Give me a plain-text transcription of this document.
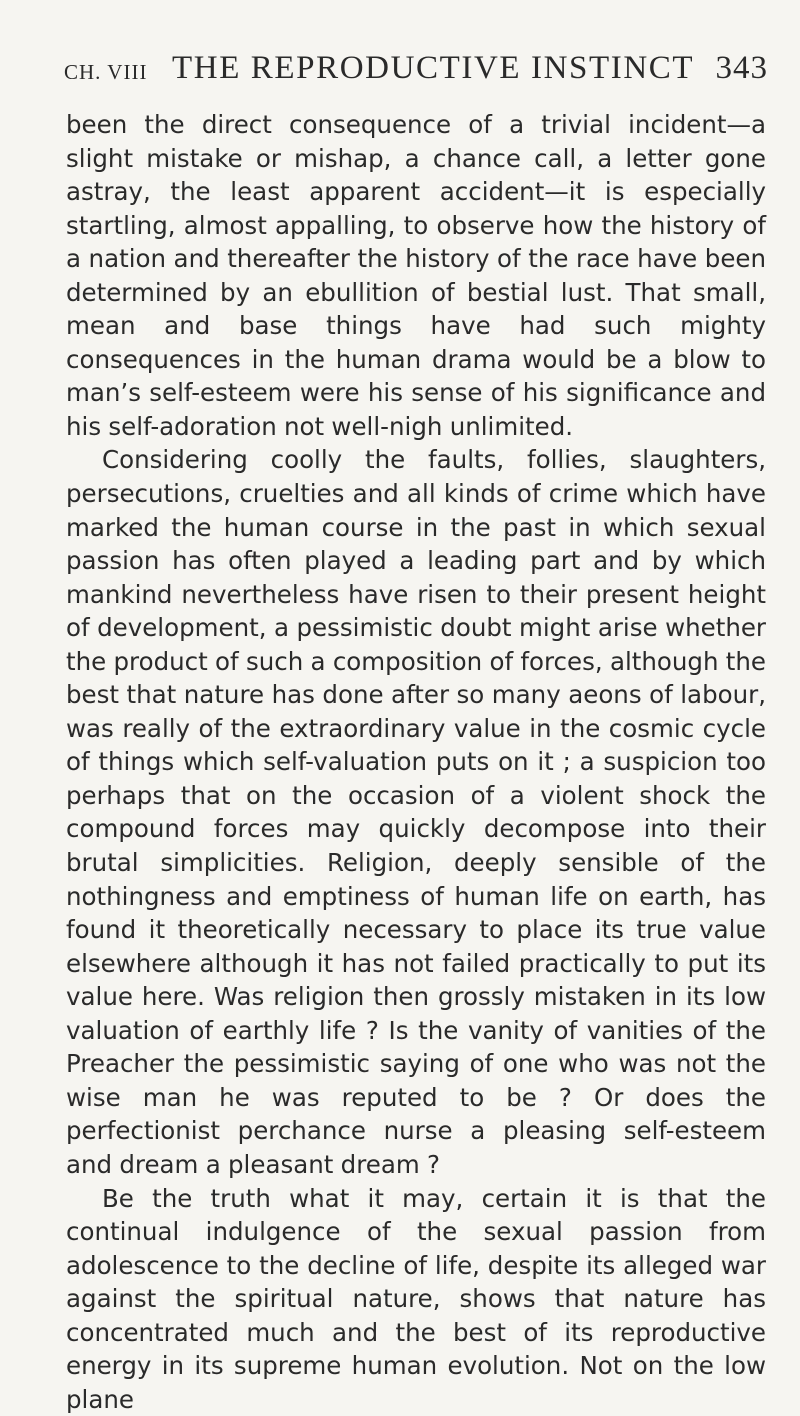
CH. VIII THE REPRODUCTIVE INSTINCT 343

been the direct consequence of a trivial incident—a slight mistake or mishap, a chance call, a letter gone astray, the least apparent accident—it is especially startling, almost appalling, to observe how the history of a nation and thereafter the history of the race have been determined by an ebullition of bestial lust. That small, mean and base things have had such mighty consequences in the human drama would be a blow to man’s self-esteem were his sense of his significance and his self-adoration not well-nigh unlimited.

Considering coolly the faults, follies, slaughters, persecutions, cruelties and all kinds of crime which have marked the human course in the past in which sexual passion has often played a leading part and by which mankind nevertheless have risen to their present height of development, a pessimistic doubt might arise whether the product of such a composition of forces, although the best that nature has done after so many aeons of labour, was really of the extraordinary value in the cosmic cycle of things which self-valuation puts on it ; a suspicion too perhaps that on the occasion of a violent shock the compound forces may quickly decompose into their brutal simplicities. Religion, deeply sensible of the nothingness and emptiness of human life on earth, has found it theoretically necessary to place its true value elsewhere although it has not failed practically to put its value here. Was religion then grossly mistaken in its low valuation of earthly life ? Is the vanity of vanities of the Preacher the pessimistic saying of one who was not the wise man he was reputed to be ? Or does the perfectionist perchance nurse a pleasing self-esteem and dream a pleasant dream ?

Be the truth what it may, certain it is that the continual indulgence of the sexual passion from adolescence to the decline of life, despite its alleged war against the spiritual nature, shows that nature has concentrated much and the best of its reproductive energy in its supreme human evolution. Not on the low plane
